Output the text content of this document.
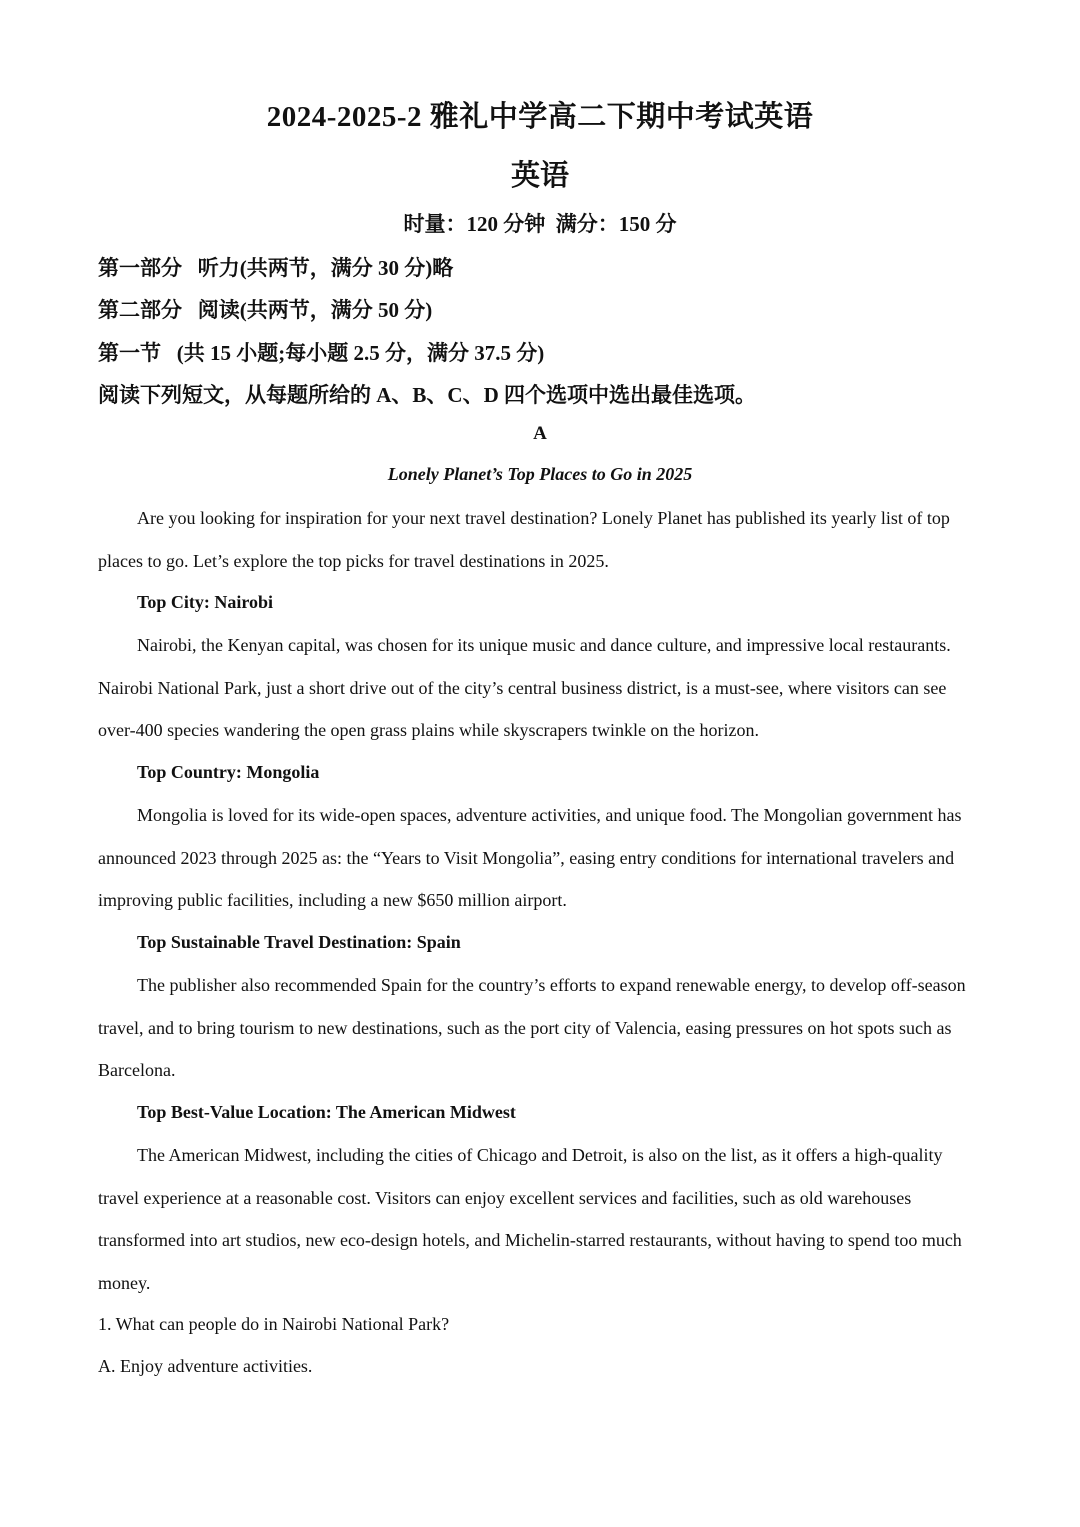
2024-2025-2 雅礼中学高二下期中考试英语
英语
时量：120 分钟  满分：150 分
第一部分   听力(共两节，满分 30 分)略
第二部分   阅读(共两节，满分 50 分)
第一节   (共 15 小题;每小题 2.5 分，满分 37.5 分)
阅读下列短文，从每题所给的 A、B、C、D 四个选项中选出最佳选项。
A
Lonely Planet’s Top Places to Go in 2025
Are you looking for inspiration for your next travel destination? Lonely Planet has published its yearly list of top places to go. Let’s explore the top picks for travel destinations in 2025.
Top City: Nairobi
Nairobi, the Kenyan capital, was chosen for its unique music and dance culture, and impressive local restaurants. Nairobi National Park, just a short drive out of the city’s central business district, is a must-see, where visitors can see over-400 species wandering the open grass plains while skyscrapers twinkle on the horizon.
Top Country: Mongolia
Mongolia is loved for its wide-open spaces, adventure activities, and unique food. The Mongolian government has announced 2023 through 2025 as: the “Years to Visit Mongolia”, easing entry conditions for international travelers and improving public facilities, including a new $650 million airport.
Top Sustainable Travel Destination: Spain
The publisher also recommended Spain for the country’s efforts to expand renewable energy, to develop off-season travel, and to bring tourism to new destinations, such as the port city of Valencia, easing pressures on hot spots such as Barcelona.
Top Best-Value Location: The American Midwest
The American Midwest, including the cities of Chicago and Detroit, is also on the list, as it offers a high-quality travel experience at a reasonable cost. Visitors can enjoy excellent services and facilities, such as old warehouses transformed into art studios, new eco-design hotels, and Michelin-starred restaurants, without having to spend too much money.
1. What can people do in Nairobi National Park?
A. Enjoy adventure activities.
